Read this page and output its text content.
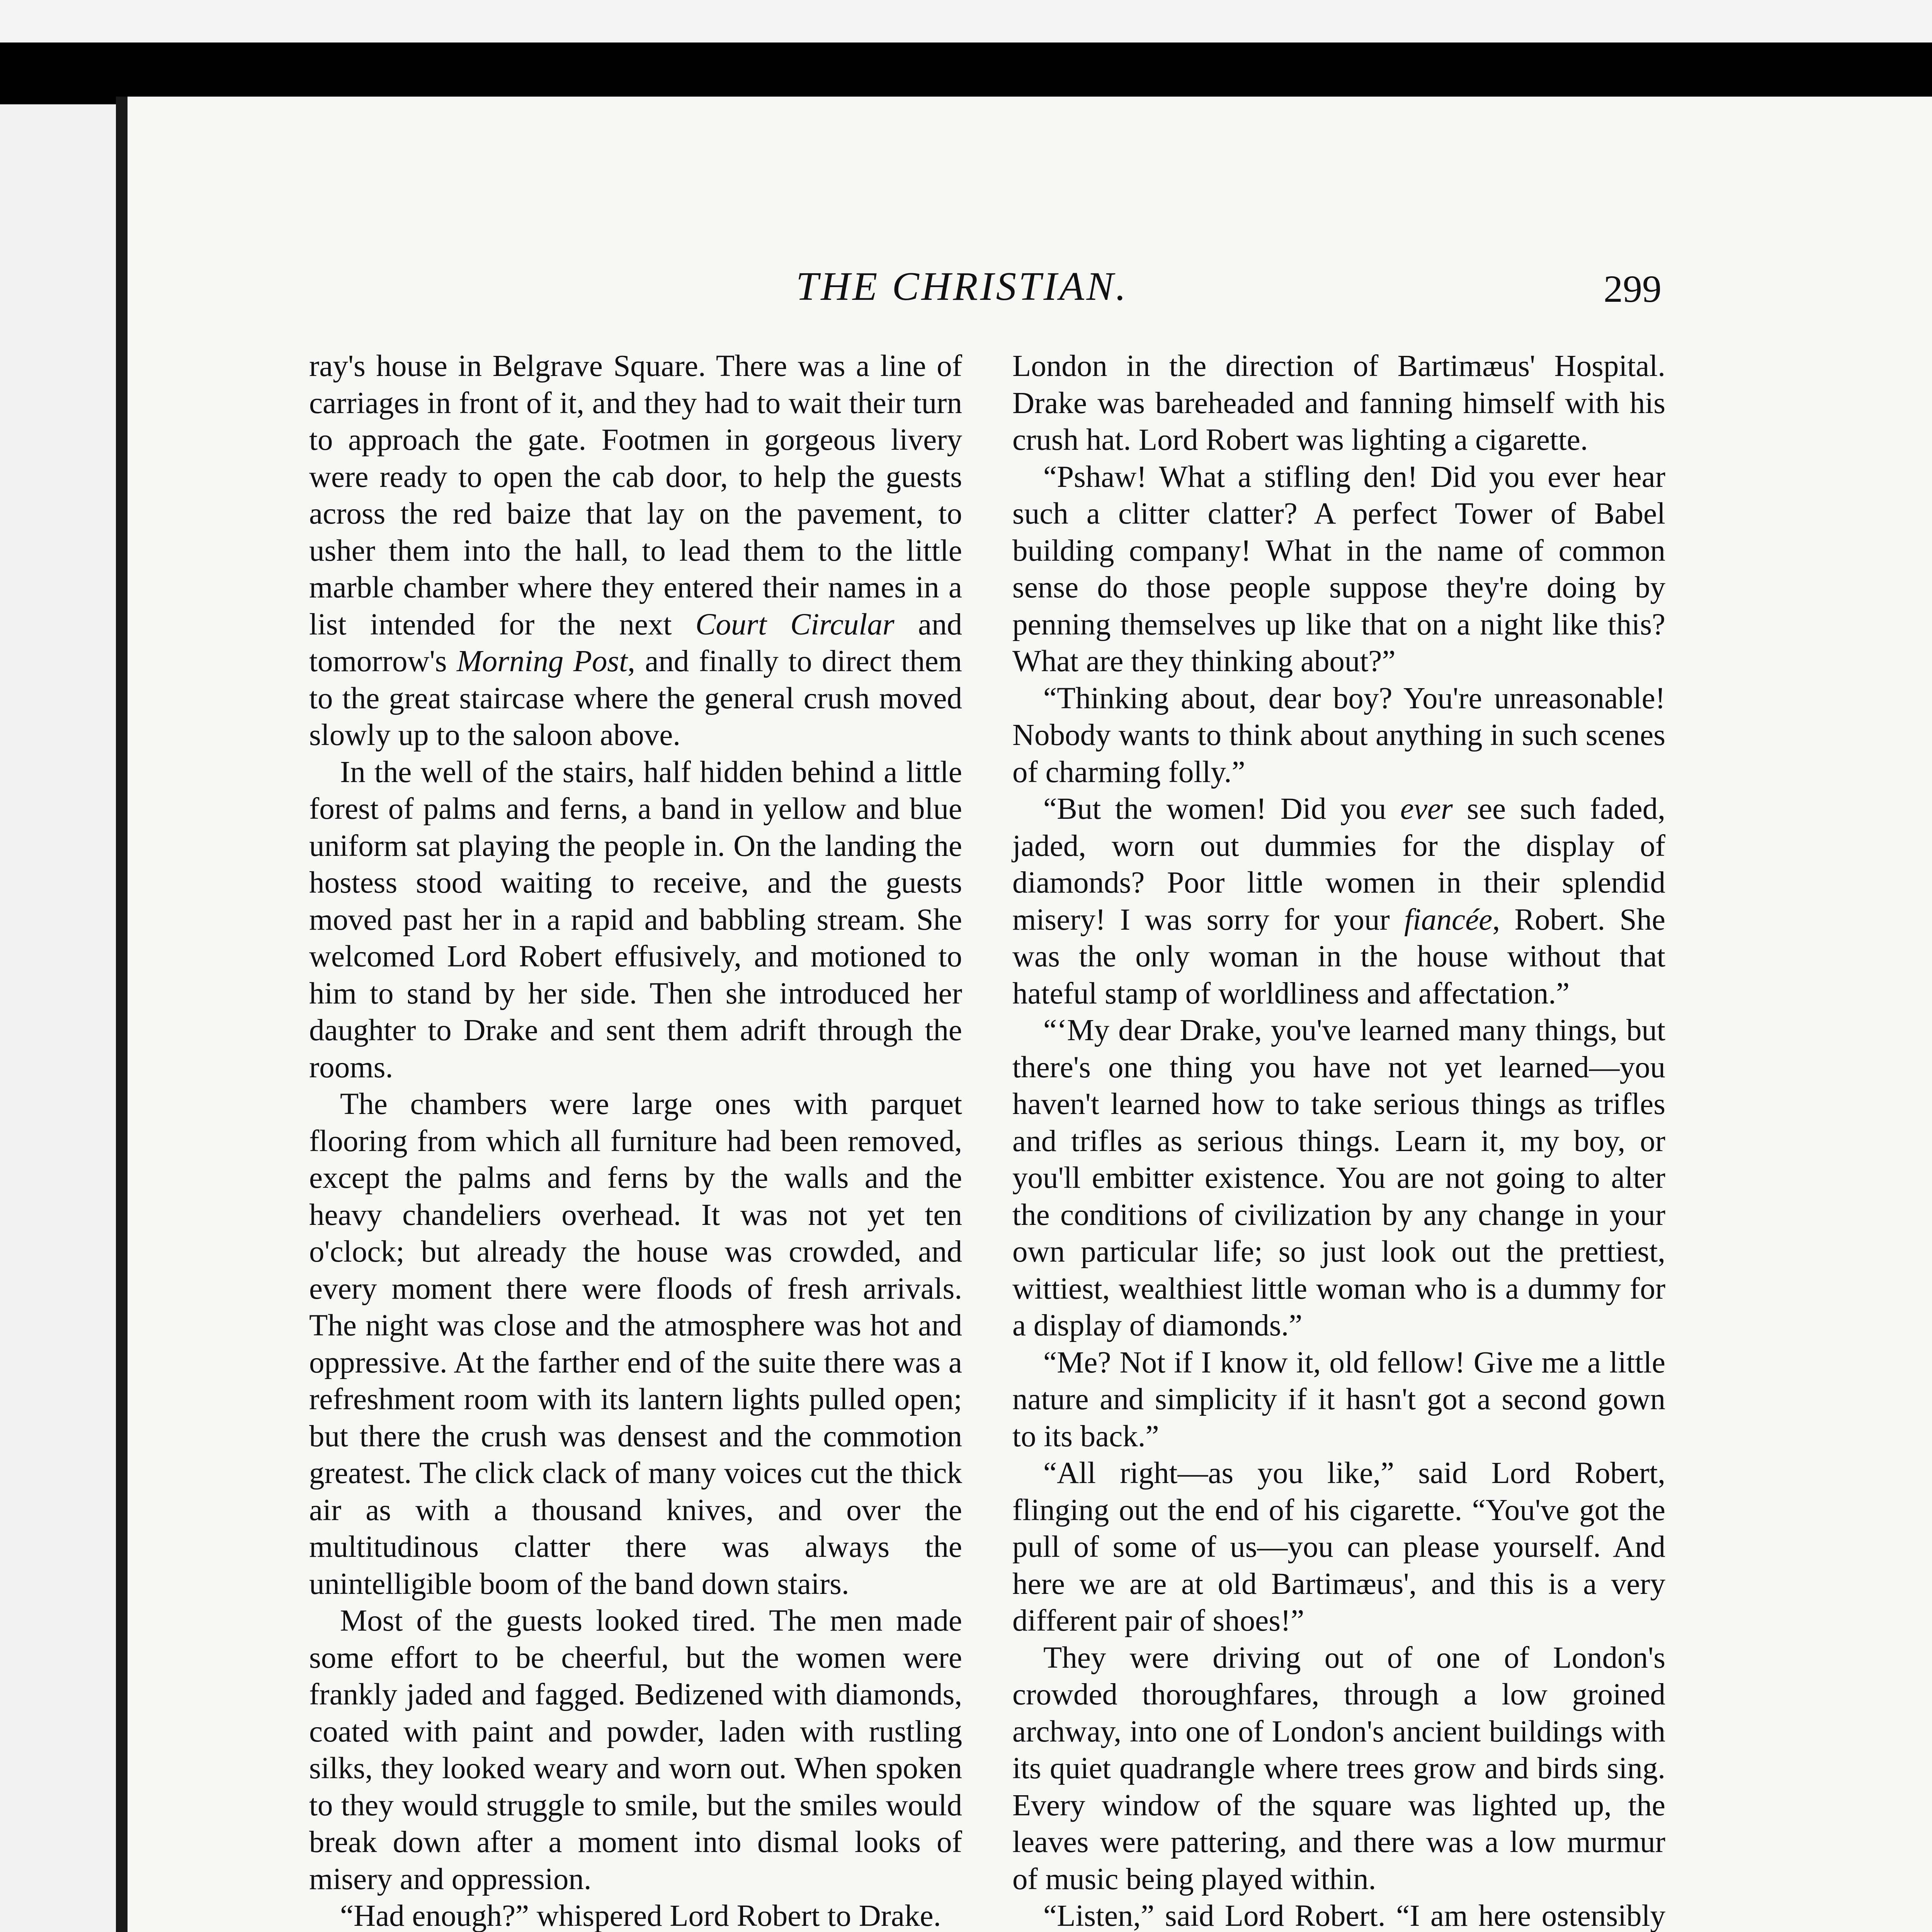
THE CHRISTIAN.	299

ray's house in Belgrave Square. There was a line of carriages in front of it, and they had to wait their turn to approach the gate. Footmen in gorgeous livery were ready to open the cab door, to help the guests across the red baize that lay on the pavement, to usher them into the hall, to lead them to the little marble chamber where they entered their names in a list intended for the next Court Circular and tomorrow's Morning Post, and finally to direct them to the great staircase where the general crush moved slowly up to the saloon above.

In the well of the stairs, half hidden behind a little forest of palms and ferns, a band in yellow and blue uniform sat playing the people in. On the landing the hostess stood waiting to receive, and the guests moved past her in a rapid and babbling stream. She welcomed Lord Robert effusively, and motioned to him to stand by her side. Then she introduced her daughter to Drake and sent them adrift through the rooms.

The chambers were large ones with parquet flooring from which all furniture had been removed, except the palms and ferns by the walls and the heavy chandeliers overhead. It was not yet ten o'clock; but already the house was crowded, and every moment there were floods of fresh arrivals. The night was close and the atmosphere was hot and oppressive. At the farther end of the suite there was a refreshment room with its lantern lights pulled open; but there the crush was densest and the commotion greatest. The click clack of many voices cut the thick air as with a thousand knives, and over the multitudinous clatter there was always the unintelligible boom of the band down stairs.

Most of the guests looked tired. The men made some effort to be cheerful, but the women were frankly jaded and fagged. Bedizened with diamonds, coated with paint and powder, laden with rustling silks, they looked weary and worn out. When spoken to they would struggle to smile, but the smiles would break down after a moment into dismal looks of misery and oppression.

“Had enough?” whispered Lord Robert to Drake.

London in the direction of Bartimæus' Hospital. Drake was bareheaded and fanning himself with his crush hat. Lord Robert was lighting a cigarette.

“Pshaw! What a stifling den! Did you ever hear such a clitter clatter? A perfect Tower of Babel building company! What in the name of common sense do those people suppose they're doing by penning themselves up like that on a night like this? What are they thinking about?”

“Thinking about, dear boy? You're unreasonable! Nobody wants to think about anything in such scenes of charming folly.”

“But the women! Did you ever see such faded, jaded, worn out dummies for the display of diamonds? Poor little women in their splendid misery! I was sorry for your fiancée, Robert. She was the only woman in the house without that hateful stamp of worldliness and affectation.”

“‘My dear Drake, you've learned many things, but there's one thing you have not yet learned—you haven't learned how to take serious things as trifles and trifles as serious things. Learn it, my boy, or you'll embitter existence. You are not going to alter the conditions of civilization by any change in your own particular life; so just look out the prettiest, wittiest, wealthiest little woman who is a dummy for a display of diamonds.”

“Me? Not if I know it, old fellow! Give me a little nature and simplicity if it hasn't got a second gown to its back.”

“All right—as you like,” said Lord Robert, flinging out the end of his cigarette. “You've got the pull of some of us—you can please yourself. And here we are at old Bartimæus', and this is a very different pair of shoes!”

They were driving out of one of London's crowded thoroughfares, through a low groined archway, into one of London's ancient buildings with its quiet quadrangle where trees grow and birds sing. Every window of the square was lighted up, the leaves were pattering, and there was a low murmur of music being played within.

“Listen,” said Lord Robert. “I am here ostensibly
